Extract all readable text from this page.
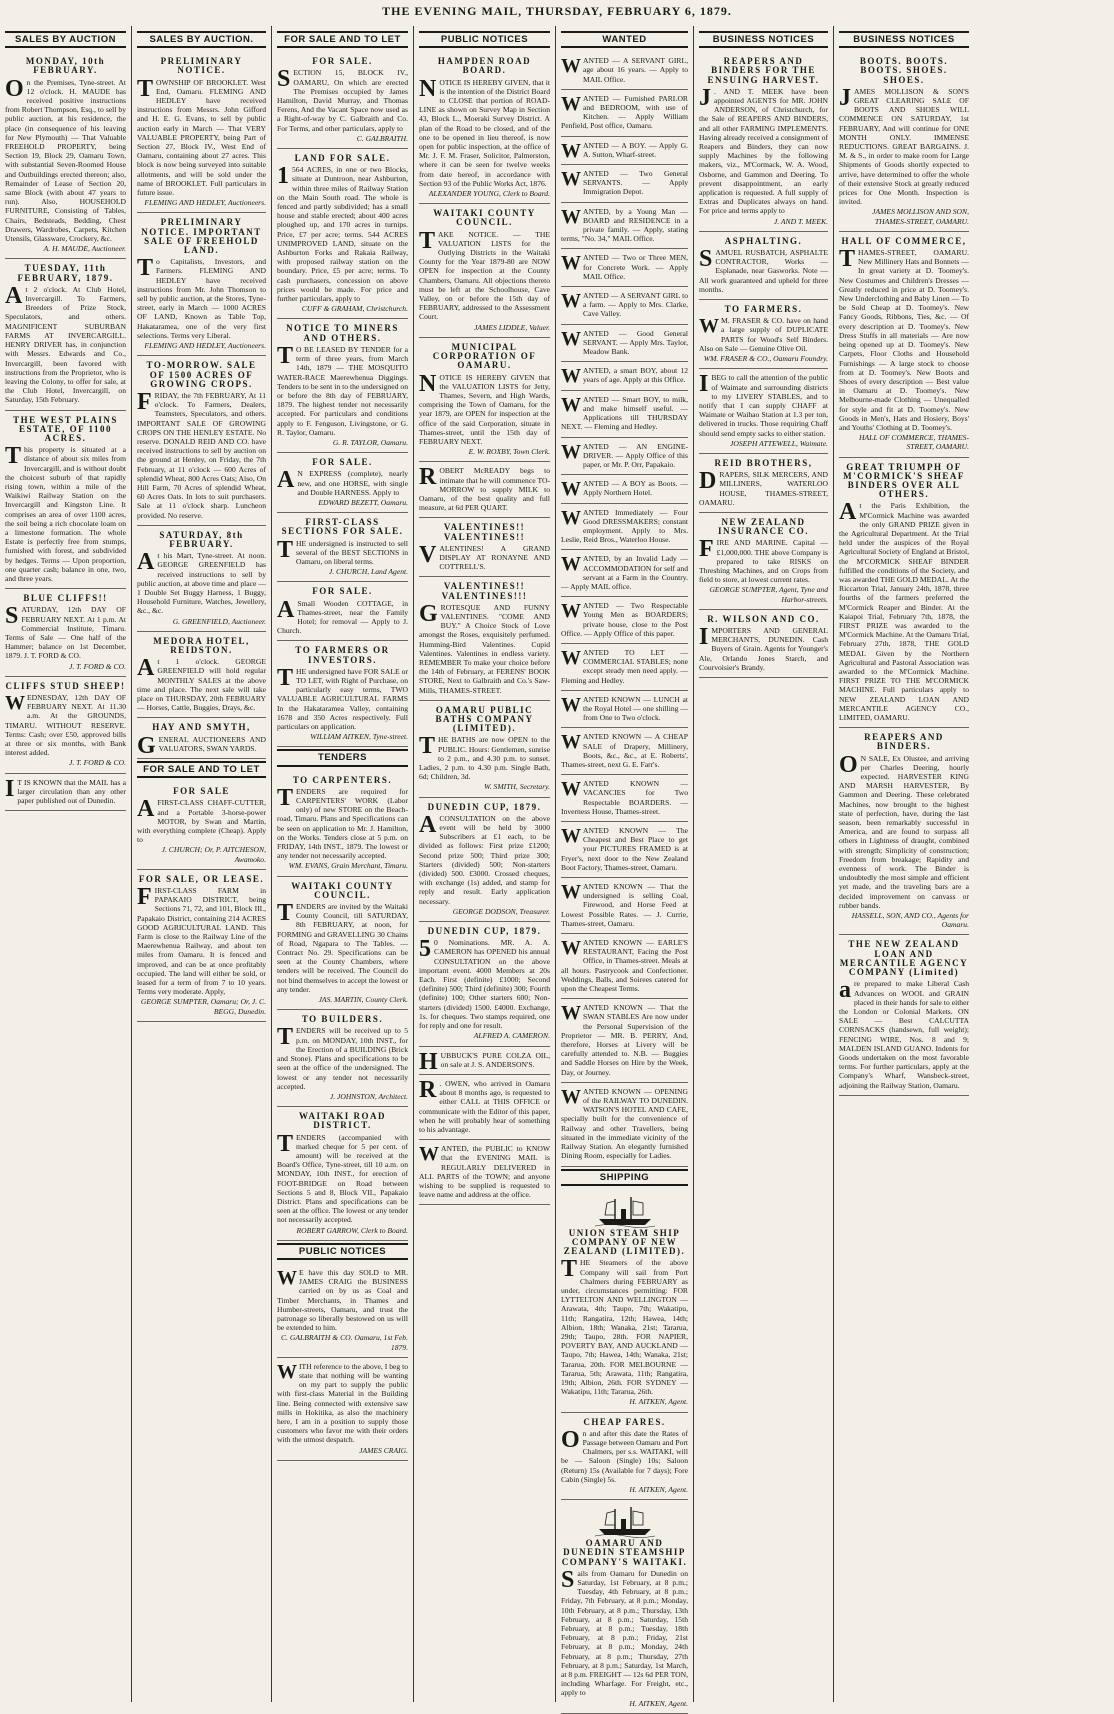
THE EVENING MAIL, THURSDAY, FEBRUARY 6, 1879.
SALES BY AUCTION
MONDAY, 10th FEBRUARY.

On the Premises, Tyne-street. At 12 o'clock. H. MAUDE has received positive instructions from Robert Thompson, Esq., to sell by public auction, at his residence, the place (in consequence of his leaving for New Plymouth) — That Valuable FREEHOLD PROPERTY, being Section 19, Block 29, Oamaru Town, with substantial Seven-Roomed House and Outbuildings erected thereon; also, Remainder of Lease of Section 20, same Block (with about 47 years to run). Also, HOUSEHOLD FURNITURE, Consisting of Tables, Chairs, Bedsteads, Bedding, Chest Drawers, Wardrobes, Carpets, Kitchen Utensils, Glassware, Crockery, &c.

A. H. MAUDE, Auctioneer.

TUESDAY, 11th FEBRUARY, 1879.

At 2 o'clock. At Club Hotel, Invercargill. To Farmers, Breeders of Prize Stock, Speculators, and others. MAGNIFICENT SUBURBAN FARMS AT INVERCARGILL. HENRY DRIVER has, in conjunction with Messrs. Edwards and Co., Invercargill, been favored with instructions from the Proprietor, who is leaving the Colony, to offer for sale, at the Club Hotel, Invercargill, on Saturday, 15th February.

THE WEST PLAINS ESTATE, OF 1100 ACRES.

This property is situated at a distance of about six miles from Invercargill, and is without doubt the choicest suburb of that rapidly rising town, within a mile of the Waikiwi Railway Station on the Invercargill and Kingston Line. It comprises an area of over 1100 acres, the soil being a rich chocolate loam on a limestone formation. The whole Estate is perfectly free from stumps, furnished with forest, and subdivided by hedges. Terms — Upon proportion, one quarter cash; balance in one, two, and three years.

BLUE CLIFFS!!

SATURDAY, 12th DAY OF FEBRUARY NEXT. At 1 p.m. At Commercial Institute, Timaru. Terms of Sale — One half of the Hammer; balance on 1st December, 1879. J. T. FORD & CO.

J. T. FORD & CO.

CLIFFS STUD SHEEP!

WEDNESDAY, 12th DAY OF FEBRUARY NEXT. At 11.30 a.m. At the GROUNDS, TIMARU. WITHOUT RESERVE. Terms: Cash; over £50, approved bills at three or six months, with Bank interest added.

J. T. FORD & CO.

I T IS KNOWN that the MAIL has a larger circulation than any other paper published out of Dunedin.

SALES BY AUCTION.
PRELIMINARY NOTICE.

TOWNSHIP OF BROOKLET. West End, Oamaru. FLEMING AND HEDLEY have received instructions from Messrs. John Gifford and H. E. G. Evans, to sell by public auction early in March — That VERY VALUABLE PROPERTY, being Part of Section 27, Block IV., West End of Oamaru, containing about 27 acres. This block is now being surveyed into suitable allotments, and will be sold under the name of BROOKLET. Full particulars in future issue.

FLEMING AND HEDLEY, Auctioneers.

PRELIMINARY NOTICE. IMPORTANT SALE OF FREEHOLD LAND.

To Capitalists, Investors, and Farmers. FLEMING AND HEDLEY have received instructions from Mr. John Thomson to sell by public auction, at the Stores, Tyne-street, early in March — 1000 ACRES OF LAND, Known as Table Top, Hakataramea, one of the very first selections. Terms very Liberal.

FLEMING AND HEDLEY, Auctioneers.

TO-MORROW. SALE OF 1500 ACRES OF GROWING CROPS.

FRIDAY, the 7th FEBRUARY, At 11 o'clock. To Farmers, Dealers, Teamsters, Speculators, and others. IMPORTANT SALE OF GROWING CROPS ON THE HENLEY ESTATE. No reserve. DONALD REID AND CO. have received instructions to sell by auction on the ground at Henley, on Friday, the 7th February, at 11 o'clock — 600 Acres of splendid Wheat, 800 Acres Oats; Also, On Hill Farm, 70 Acres of splendid Wheat, 60 Acres Oats. In lots to suit purchasers. Sale at 11 o'clock sharp. Luncheon provided. No reserve.

SATURDAY, 8th FEBRUARY.

At his Mart, Tyne-street. At noon. GEORGE GREENFIELD has received instructions to sell by public auction, at above time and place — 1 Double Set Buggy Harness, 1 Buggy, Household Furniture, Watches, Jewellery, &c., &c.

G. GREENFIELD, Auctioneer.

MEDORA HOTEL, REIDSTON.

At 1 o'clock. GEORGE GREENFIELD will hold regular MONTHLY SALES at the above time and place. The next sale will take place on THURSDAY, 20th FEBRUARY — Horses, Cattle, Buggies, Drays, &c.

HAY AND SMYTH,

GENERAL AUCTIONEERS AND VALUATORS, SWAN YARDS.

FOR SALE AND TO LET
FOR SALE

A FIRST-CLASS CHAFF-CUTTER, and a Portable 3-horse-power MOTOR, by Swan and Martin, with everything complete (Cheap). Apply to

J. CHURCH; Or, P. AITCHESON, Awamoko.

FOR SALE, OR LEASE.

FIRST-CLASS FARM in PAPAKAIO DISTRICT, being Sections 71, 72, and 101, Block III., Papakaio District, containing 214 ACRES GOOD AGRICULTURAL LAND. This Farm is close to the Railway Line of the Maerewhenua Railway, and about ten miles from Oamaru. It is fenced and improved, and can be at once profitably occupied. The land will either be sold, or leased for a term of from 7 to 10 years. Terms very moderate. Apply,

GEORGE SUMPTER, Oamaru; Or, J. C. BEGG, Dunedin.

FOR SALE AND TO LET
FOR SALE.

SECTION 15, BLOCK IV., OAMARU, On which are erected The Premises occupied by James Hamilton, David Murray, and Thomas Ferens, And the Vacant Space now used as a Right-of-way by C. Galbraith and Co. For Terms, and other particulars, apply to

C. GALBRAITH.

LAND FOR SALE.

1 564 ACRES, in one or two Blocks, situate at Duntroon, near Ashburton, within three miles of Railway Station on the Main South road. The whole is fenced and partly subdivided; has a small house and stable erected; about 400 acres ploughed up, and 170 acres in turnips. Price, £7 per acre; terms. 544 ACRES UNIMPROVED LAND, situate on the Ashburton Forks and Rakaia Railway, with proposed railway station on the boundary. Price, £5 per acre; terms. To cash purchasers, concession on above prices would be made. For price and further particulars, apply to

CUFF & GRAHAM, Christchurch.

NOTICE TO MINERS AND OTHERS.

T O BE LEASED BY TENDER for a term of three years, from March 14th, 1879 — THE MOSQUITO WATER-RACE Maerewhenua Diggings. Tenders to be sent in to the undersigned on or before the 8th day of FEBRUARY, 1879. The highest tender not necessarily accepted. For particulars and conditions apply to F. Fenguson, Livingstone, or G. R. Taylor, Oamaru.

G. R. TAYLOR, Oamaru.

FOR SALE.

A N EXPRESS (complete), nearly new, and one HORSE, with single and Double HARNESS. Apply to

EDWARD BEZETT, Oamaru.

FIRST-CLASS SECTIONS FOR SALE.

THE undersigned is instructed to sell several of the BEST SECTIONS in Oamaru, on liberal terms.

J. CHURCH, Land Agent.

FOR SALE.

A Small Wooden COTTAGE, in Thames-street, near the Family Hotel; for removal — Apply to J. Church.

TO FARMERS OR INVESTORS.

THE undersigned have FOR SALE or TO LET, with Right of Purchase, on particularly easy terms, TWO VALUABLE AGRICULTURAL FARMS In the Hakataramea Valley, containing 1678 and 350 Acres respectively. Full particulars on application.

WILLIAM AITKEN, Tyne-street.

TENDERS
TO CARPENTERS.

TENDERS are required for CARPENTERS' WORK (Labor only) of new STORE on the Beach-road, Timaru. Plans and Specifications can be seen on application to Mr. J. Hamilton, on the Works. Tenders close at 5 p.m. on FRIDAY, 14th INST., 1879. The lowest or any tender not necessarily accepted.

WM. EVANS, Grain Merchant, Timaru.

WAITAKI COUNTY COUNCIL.

TENDERS are invited by the Waitaki County Council, till SATURDAY, 8th FEBRUARY, at noon, for FORMING and GRAVELLING 30 Chains of Road, Ngapara to The Tables. — Contract No. 29. Specifications can be seen at the County Chambers, where tenders will be received. The Council do not bind themselves to accept the lowest or any tender.

JAS. MARTIN, County Clerk.

TO BUILDERS.

TENDERS will be received up to 5 p.m. on MONDAY, 10th INST., for the Erection of a BUILDING (Brick and Stone). Plans and specifications to be seen at the office of the undersigned. The lowest or any tender not necessarily accepted.

J. JOHNSTON, Architect.

WAITAKI ROAD DISTRICT.

TENDERS (accompanied with marked cheque for 5 per cent. of amount) will be received at the Board's Office, Tyne-street, till 10 a.m. on MONDAY, 10th INST., for erection of FOOT-BRIDGE on Road between Sections 5 and 8, Block VII., Papakaio District. Plans and specifications can be seen at the office. The lowest or any tender not necessarily accepted.

ROBERT GARROW, Clerk to Board.

PUBLIC NOTICES

W E have this day SOLD to MR. JAMES CRAIG the BUSINESS carried on by us as Coal and Timber Merchants, in Thames and Humber-streets, Oamaru, and trust the patronage so liberally bestowed on us will be extended to him.

C. GALBRAITH & CO. Oamaru, 1st Feb. 1879.

WITH reference to the above, I beg to state that nothing will be wanting on my part to supply the public with first-class Material in the Building line. Being connected with extensive saw mills in Hokitika, as also the machinery here, I am in a position to supply those customers who favor me with their orders with the utmost despatch.

JAMES CRAIG.

PUBLIC NOTICES
HAMPDEN ROAD BOARD.

NOTICE IS HEREBY GIVEN, that it is the intention of the District Board to CLOSE that portion of ROAD-LINE as shown on Survey Map in Section 43, Block L., Moeraki Survey District. A plan of the Road to be closed, and of the one to be opened in lieu thereof, is now open for public inspection, at the office of Mr. J. F. M. Fraser, Solicitor, Palmerston, where it can be seen for twelve weeks from date hereof, in accordance with Section 93 of the Public Works Act, 1876.

ALEXANDER YOUNG, Clerk to Board.

WAITAKI COUNTY COUNCIL.

TAKE NOTICE. — THE VALUATION LISTS for the Outlying Districts in the Waitaki County for the Year 1879-80 are NOW OPEN for inspection at the County Chambers, Oamaru. All objections thereto must be left at the Schoolhouse, Cave Valley, on or before the 15th day of FEBRUARY, addressed to the Assessment Court.

JAMES LIDDLE, Valuer.

MUNICIPAL CORPORATION OF OAMARU.

NOTICE IS HEREBY GIVEN that the VALUATION LISTS for Jetty, Thames, Severn, and High Wards, comprising the Town of Oamaru, for the year 1879, are OPEN for inspection at the office of the said Corporation, situate in Thames-street, until the 15th day of FEBRUARY NEXT.

E. W. ROXBY, Town Clerk.

ROBERT McREADY begs to intimate that he will commence TO-MORROW to supply MILK to Oamaru, of the best quality and full measure, at 6d PER QUART.

VALENTINES!! VALENTINES!!

VALENTINES! A GRAND DISPLAY AT RONAYNE AND COTTRELL'S.

VALENTINES!! VALENTINES!!!

GROTESQUE AND FUNNY VALENTINES. "COME AND BUY." A Choice Stock of Love amongst the Roses, exquisitely perfumed. Humming-Bird Valentines. Cupid Valentines. Valentines in endless variety. REMEMBER To make your choice before the 14th of February, at FERENS' BOOK STORE, Next to Galbraith and Co.'s Saw-Mills, THAMES-STREET.

OAMARU PUBLIC BATHS COMPANY (LIMITED).

THE BATHS are now OPEN to the PUBLIC. Hours: Gentlemen, sunrise to 2 p.m., and 4.30 p.m. to sunset. Ladies, 2 p.m. to 4.30 p.m. Single Bath, 6d; Children, 3d.

W. SMITH, Secretary.

DUNEDIN CUP, 1879.

A CONSULTATION on the above event will be held by 3000 Subscribers at £1 each, to be divided as follows: First prize £1200; Second prize 500; Third prize 300; Starters (divided) 500; Non-starters (divided) 500. £3000. Crossed cheques, with exchange (1s) added, and stamp for reply and result. Early application necessary.

GEORGE DODSON, Treasurer.

DUNEDIN CUP, 1879.

5 0 Nominations. MR. A. A. CAMERON has OPENED his annual CONSULTATION on the above important event. 4000 Members at 20s Each. First (definite) £1000; Second (definite) 500; Third (definite) 300; Fourth (definite) 100; Other starters 600; Non-starters (divided) 1500. £4000. Exchange, 1s. for cheques. Two stamps required, one for reply and one for result.

ALFRED A. CAMERON.

HUBBUCK'S PURE COLZA OIL, on sale at J. S. ANDERSON'S.

R . OWEN, who arrived in Oamaru about 8 months ago, is requested to either CALL at THIS OFFICE or communicate with the Editor of this paper, when he will probably hear of something to his advantage.

WANTED, the PUBLIC to KNOW that the EVENING MAIL is REGULARLY DELIVERED in ALL PARTS of the TOWN; and anyone wishing to be supplied is requested to leave name and address at the office.

WANTED

WANTED — A SERVANT GIRL, age about 16 years. — Apply to MAIL Office.

WANTED — Furnished PARLOR and BEDROOM, with use of Kitchen. — Apply William Penfield, Post office, Oamaru.

WANTED — A BOY. — Apply G. A. Sutton, Wharf-street.

WANTED — Two General SERVANTS. — Apply Immigration Depot.

WANTED, by a Young Man — BOARD and RESIDENCE in a private family. — Apply, stating terms, "No. 34," MAIL Office.

WANTED — Two or Three MEN, for Concrete Work. — Apply MAIL Office.

WANTED — A SERVANT GIRL to a farm. — Apply to Mrs. Clarke, Cave Valley.

WANTED — Good General SERVANT. — Apply Mrs. Taylor, Meadow Bank.

WANTED, a smart BOY, about 12 years of age. Apply at this Office.

WANTED — Smart BOY, to milk, and make himself useful. — Applications till THURSDAY NEXT. — Fleming and Hedley.

WANTED — AN ENGINE-DRIVER. — Apply Office of this paper, or Mr. P. Orr, Papakaio.

WANTED — A BOY as Boots. — Apply Northern Hotel.

WANTED Immediately — Four Good DRESSMAKERS; constant employment. Apply to Mrs. Leslie, Reid Bros., Waterloo House.

WANTED, by an Invalid Lady — ACCOMMODATION for self and servant at a Farm in the Country. — Apply MAIL office.

WANTED — Two Respectable Young Men as BOARDERS; private house, close to the Post Office. — Apply Office of this paper.

WANTED TO LET — COMMERCIAL STABLES; none except steady men need apply. — Fleming and Hedley.

WANTED KNOWN — LUNCH at the Royal Hotel — one shilling — from One to Two o'clock.

WANTED KNOWN — A CHEAP SALE of Drapery, Millinery, Boots, &c., &c., at E. Roberts', Thames-street, next G. E. Farr's.

WANTED KNOWN — VACANCIES for Two Respectable BOARDERS. — Inverness House, Thames-street.

WANTED KNOWN — The Cheapest and Best Place to get your PICTURES FRAMED is at Fryer's, next door to the New Zealand Boot Factory, Thames-street, Oamaru.

WANTED KNOWN — That the undersigned is selling Coal, Firewood, and Horse Feed at Lowest Possible Rates. — J. Currie, Thames-street, Oamaru.

WANTED KNOWN — EARLE'S RESTAURANT, Facing the Post Office, in Thames-street. Meals at all hours. Pastrycook and Confectioner. Weddings, Balls, and Soirees catered for upon the Cheapest Terms.

WANTED KNOWN — That the SWAN STABLES Are now under the Personal Supervision of the Proprietor — MR. B. PERRY, And, therefore, Horses at Livery will be carefully attended to. N.B. — Buggies and Saddle Horses on Hire by the Week, Day, or Journey.

WANTED KNOWN — OPENING of the RAILWAY TO DUNEDIN. WATSON'S HOTEL AND CAFE, specially built for the convenience of Railway and other Travellers, being situated in the immediate vicinity of the Railway Station. An elegantly furnished Dining Room, especially for Ladies.

SHIPPING
UNION STEAM SHIP COMPANY OF NEW ZEALAND (LIMITED).

THE Steamers of the above Company will sail from Port Chalmers during FEBRUARY as under, circumstances permitting: FOR LYTTELTON AND WELLINGTON — Arawata, 4th; Taupo, 7th; Wakatipu, 11th; Rangatira, 12th; Hawea, 14th; Albion, 18th; Wanaka, 21st; Tararua, 29th; Taupo, 28th. FOR NAPIER, POVERTY BAY, AND AUCKLAND — Taupo, 7th; Hawea, 14th; Wanaka, 21st; Tararua, 20th. FOR MELBOURNE — Tararua, 5th; Arawata, 11th; Rangatira, 19th; Albion, 26th. FOR SYDNEY — Wakatipu, 11th; Tararua, 26th.

H. AITKEN, Agent.

CHEAP FARES.

On and after this date the Rates of Passage between Oamaru and Port Chalmers, per s.s. WAITAKI, will be — Saloon (Single) 10s; Saloon (Return) 15s (Available for 7 days); Fore Cabin (Single) 5s.

H. AITKEN, Agent.

OAMARU AND DUNEDIN STEAMSHIP COMPANY'S WAITAKI.

Sails from Oamaru for Dunedin on Saturday, 1st February, at 8 p.m.; Tuesday, 4th February, at 8 p.m.; Friday, 7th February, at 8 p.m.; Monday, 10th February, at 8 p.m.; Thursday, 13th February, at 8 p.m.; Saturday, 15th February, at 8 p.m.; Tuesday, 18th February, at 8 p.m.; Friday, 21st February, at 8 p.m.; Monday, 24th February, at 8 p.m.; Thursday, 27th February, at 8 p.m.; Saturday, 1st March, at 8 p.m. FREIGHT — 12s 6d PER TON, including Wharfage. For Freight, etc., apply to

H. AITKEN, Agent.

BUSINESS NOTICES
REAPERS AND BINDERS FOR THE ENSUING HARVEST.

J . AND T. MEEK have been appointed AGENTS for MR. JOHN ANDERSON, of Christchurch, for the Sale of REAPERS AND BINDERS, and all other FARMING IMPLEMENTS. Having already received a consignment of Reapers and Binders, they can now supply Machines by the following makers, viz., M'Cormack, W. A. Wood, Osborne, and Gammon and Deering. To prevent disappointment, an early application is requested. A full supply of Extras and Duplicates always on hand. For price and terms apply to

J. AND T. MEEK.

ASPHALTING.

SAMUEL RUSBATCH, ASPHALTE CONTRACTOR, Works — Esplanade, near Gasworks. Note — All work guaranteed and upheld for three months.

TO FARMERS.

W M. FRASER & CO. have on hand a large supply of DUPLICATE PARTS for Wood's Self Binders. Also on Sale — Genuine Olive Oil.

WM. FRASER & CO., Oamaru Foundry.

I BEG to call the attention of the public of Waimate and surrounding districts to my LIVERY STABLES, and to notify that I can supply CHAFF at Waimate or Waihao Station at 1.3 per ton, delivered in trucks. Those requiring Chaff should send empty sacks to either station.

JOSEPH ATTEWELL, Waimate.

REID BROTHERS,

DRAPERS, SILK MERCERS, AND MILLINERS, WATERLOO HOUSE, THAMES-STREET, OAMARU.

NEW ZEALAND INSURANCE CO.

FIRE AND MARINE. Capital — £1,000,000. THE above Company is prepared to take RISKS on Threshing Machines, and on Crops from field to store, at lowest current rates.

GEORGE SUMPTER, Agent, Tyne and Harbor-streets.

R. WILSON AND CO.

IMPORTERS AND GENERAL MERCHANTS, DUNEDIN. Cash Buyers of Grain. Agents for Younger's Ale, Orlando Jones Starch, and Courvoisier's Brandy.

BUSINESS NOTICES
BOOTS. BOOTS. BOOTS. SHOES. SHOES.

JAMES MOLLISON & SON'S GREAT CLEARING SALE OF BOOTS AND SHOES WILL COMMENCE ON SATURDAY, 1st FEBRUARY, And will continue for ONE MONTH ONLY. IMMENSE REDUCTIONS. GREAT BARGAINS. J. M. & S., in order to make room for Large Shipments of Goods shortly expected to arrive, have determined to offer the whole of their extensive Stock at greatly reduced prices for One Month. Inspection is invited.

JAMES MOLLISON AND SON, THAMES-STREET, OAMARU.

HALL OF COMMERCE,

THAMES-STREET, OAMARU. New Millinery Hats and Bonnets — In great variety at D. Toomey's. New Costumes and Children's Dresses — Greatly reduced in price at D. Toomey's. New Underclothing and Baby Linen — To be Sold Cheap at D. Toomey's. New Fancy Goods, Ribbons, Ties, &c. — Of every description at D. Toomey's. New Dress Stuffs in all materials — Are now being opened up at D. Toomey's. New Carpets, Floor Cloths and Household Furnishings — A large stock to choose from at D. Toomey's. New Boots and Shoes of every description — Best value in Oamaru at D. Toomey's. New Melbourne-made Clothing — Unequalled for style and fit at D. Toomey's. New Goods in Men's, Hats and Hosiery, Boys' and Youths' Clothing at D. Toomey's.

HALL OF COMMERCE, THAMES-STREET, OAMARU.

GREAT TRIUMPH OF M'CORMICK'S SHEAF BINDERS OVER ALL OTHERS.

At the Paris Exhibition, the M'Cormick Machine was awarded the only GRAND PRIZE given in the Agricultural Department. At the Trial held under the auspices of the Royal Agricultural Society of England at Bristol, the M'CORMICK SHEAF BINDER fulfilled the conditions of the Society, and was awarded THE GOLD MEDAL. At the Riccarton Trial, January 24th, 1878, three fourths of the farmers preferred the M'Cormick Reaper and Binder. At the Kaiapoi Trial, February 7th, 1878, the FIRST PRIZE was awarded to the M'Cormick Machine. At the Oamaru Trial, February 27th, 1878, THE GOLD MEDAL Given by the Northern Agricultural and Pastoral Association was awarded to the M'Cormick Machine. FIRST PRIZE TO THE M'CORMICK MACHINE. Full particulars apply to NEW ZEALAND LOAN AND MERCANTILE AGENCY CO., LIMITED, OAMARU.

REAPERS AND BINDERS.

O N SALE, Ex Olustee, and arriving per Charles Deering, hourly expected. HARVESTER KING AND MARSH HARVESTER, By Gammon and Deering. These celebrated Machines, now brought to the highest state of perfection, have, during the last season, been remarkably successful in America, and are found to surpass all others in Lightness of draught, combined with strength; Simplicity of construction; Freedom from breakage; Rapidity and evenness of work. The Binder is undoubtedly the most simple and efficient yet made, and the traveling bars are a decided improvement on canvass or rubber bands.

HASSELL, SON, AND CO., Agents for Oamaru.

THE NEW ZEALAND LOAN AND MERCANTILE AGENCY COMPANY (Limited)

are prepared to make Liberal Cash Advances on WOOL and GRAIN placed in their hands for sale to either the London or Colonial Markets. ON SALE — Best CALCUTTA CORNSACKS (handsewn, full weight); FENCING WIRE, Nos. 8 and 9; MALDEN ISLAND GUANO. Indents for Goods undertaken on the most favorable terms. For further particulars, apply at the Company's Wharf, Wansbeck-street, adjoining the Railway Station, Oamaru.
